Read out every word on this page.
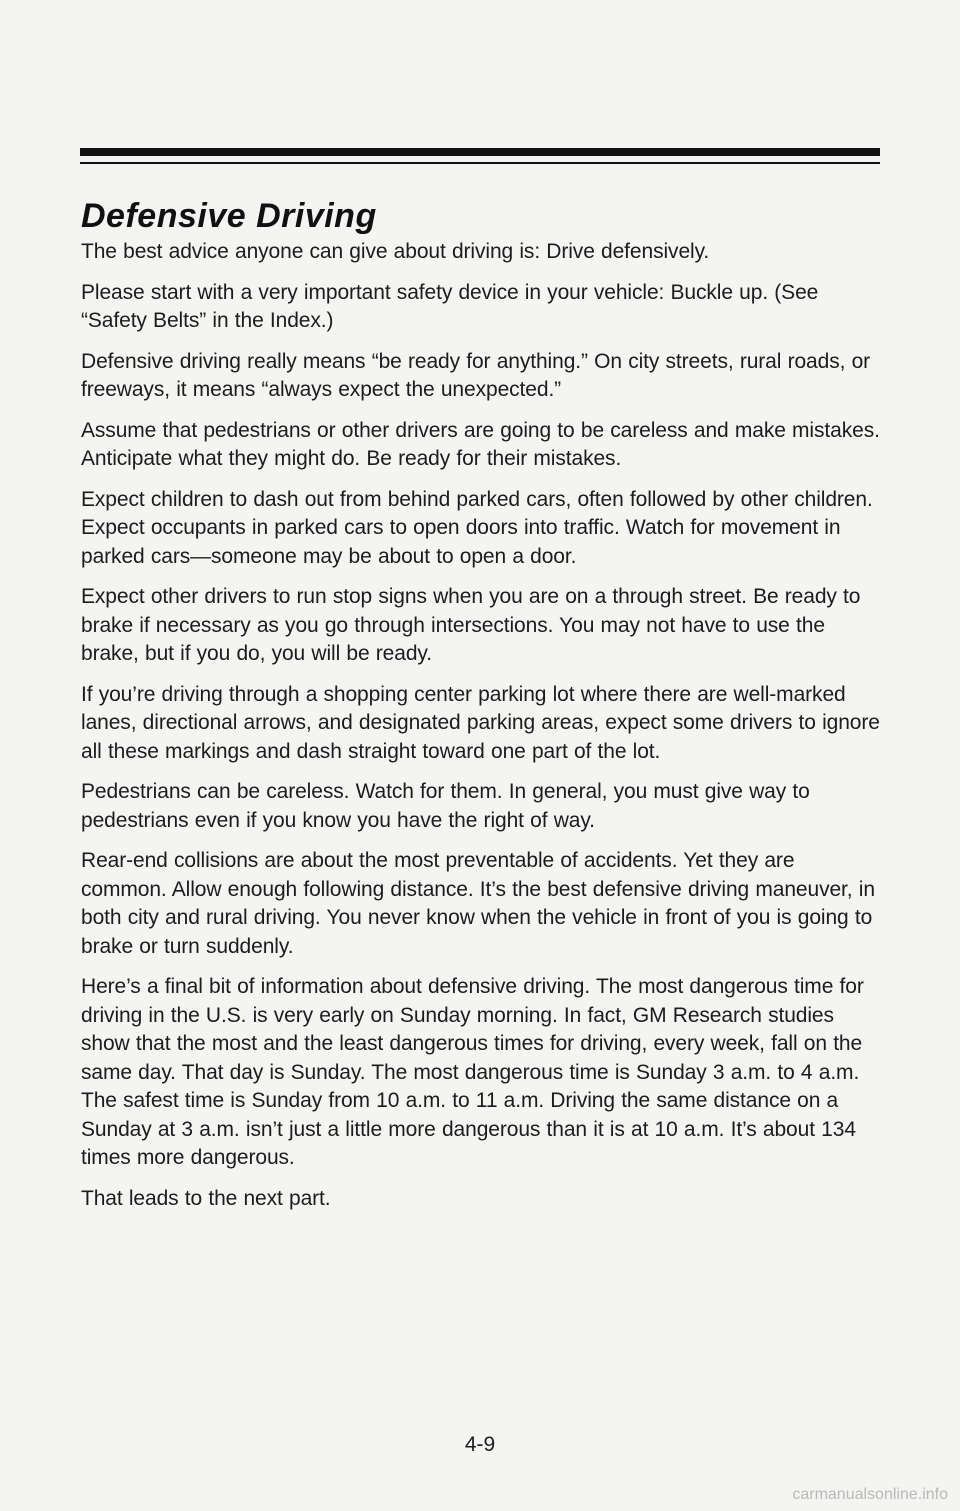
Defensive Driving

The best advice anyone can give about driving is: Drive defensively.

Please start with a very important safety device in your vehicle: Buckle up. (See “Safety Belts” in the Index.)

Defensive driving really means “be ready for anything.” On city streets, rural roads, or freeways, it means “always expect the unexpected.”

Assume that pedestrians or other drivers are going to be careless and make mistakes. Anticipate what they might do. Be ready for their mistakes.

Expect children to dash out from behind parked cars, often followed by other children. Expect occupants in parked cars to open doors into traffic. Watch for movement in parked cars—someone may be about to open a door.

Expect other drivers to run stop signs when you are on a through street. Be ready to brake if necessary as you go through intersections. You may not have to use the brake, but if you do, you will be ready.

If you’re driving through a shopping center parking lot where there are well-marked lanes, directional arrows, and designated parking areas, expect some drivers to ignore all these markings and dash straight toward one part of the lot.

Pedestrians can be careless. Watch for them. In general, you must give way to pedestrians even if you know you have the right of way.

Rear-end collisions are about the most preventable of accidents. Yet they are common. Allow enough following distance. It’s the best defensive driving maneuver, in both city and rural driving. You never know when the vehicle in front of you is going to brake or turn suddenly.

Here’s a final bit of information about defensive driving. The most dangerous time for driving in the U.S. is very early on Sunday morning. In fact, GM Research studies show that the most and the least dangerous times for driving, every week, fall on the same day. That day is Sunday. The most dangerous time is Sunday 3 a.m. to 4 a.m. The safest time is Sunday from 10 a.m. to 11 a.m. Driving the same distance on a Sunday at 3 a.m. isn’t just a little more dangerous than it is at 10 a.m. It’s about 134 times more dangerous.

That leads to the next part.

4-9
carmanualsonline.info
